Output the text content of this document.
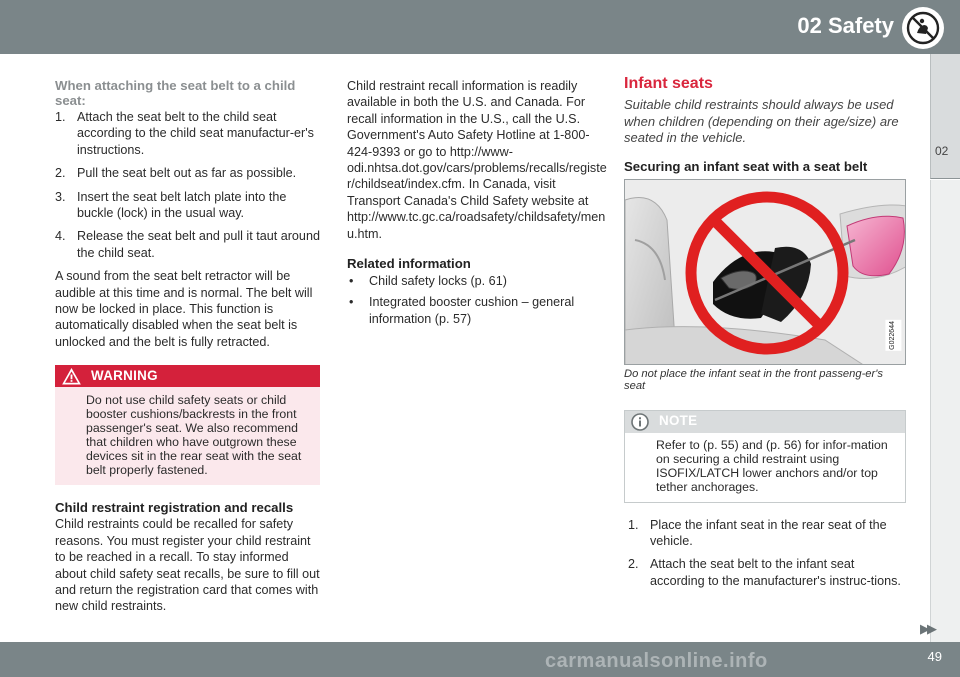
02 Safety
02
When attaching the seat belt to a child seat:
1. Attach the seat belt to the child seat according to the child seat manufactur-er's instructions.
2. Pull the seat belt out as far as possible.
3. Insert the seat belt latch plate into the buckle (lock) in the usual way.
4. Release the seat belt and pull it taut around the child seat.

A sound from the seat belt retractor will be audible at this time and is normal. The belt will now be locked in place. This function is automatically disabled when the seat belt is unlocked and the belt is fully retracted.

WARNING
Do not use child safety seats or child booster cushions/backrests in the front passenger's seat. We also recommend that children who have outgrown these devices sit in the rear seat with the seat belt properly fastened.
Child restraint registration and recalls

Child restraints could be recalled for safety reasons. You must register your child restraint to be reached in a recall. To stay informed about child safety seat recalls, be sure to fill out and return the registration card that comes with new child restraints.

Child restraint recall information is readily available in both the U.S. and Canada. For recall information in the U.S., call the U.S. Government's Auto Safety Hotline at 1-800-424-9393 or go to http://www-odi.nhtsa.dot.gov/cars/problems/recalls/register/childseat/index.cfm. In Canada, visit Transport Canada's Child Safety website at http://www.tc.gc.ca/roadsafety/childsafety/menu.htm.

Related information
• Child safety locks (p. 61)
• Integrated booster cushion – general information (p. 57)
Infant seats
Suitable child restraints should always be used when children (depending on their age/size) are seated in the vehicle.
Securing an infant seat with a seat belt
G022644
Do not place the infant seat in the front passeng-er's seat
NOTE
Refer to (p. 55) and (p. 56) for infor-mation on securing a child restraint using ISOFIX/LATCH lower anchors and/or top tether anchorages.
1. Place the infant seat in the rear seat of the vehicle.
2. Attach the seat belt to the infant seat according to the manufacturer's instruc-tions.
▶▶
carmanualsonline.info	49
